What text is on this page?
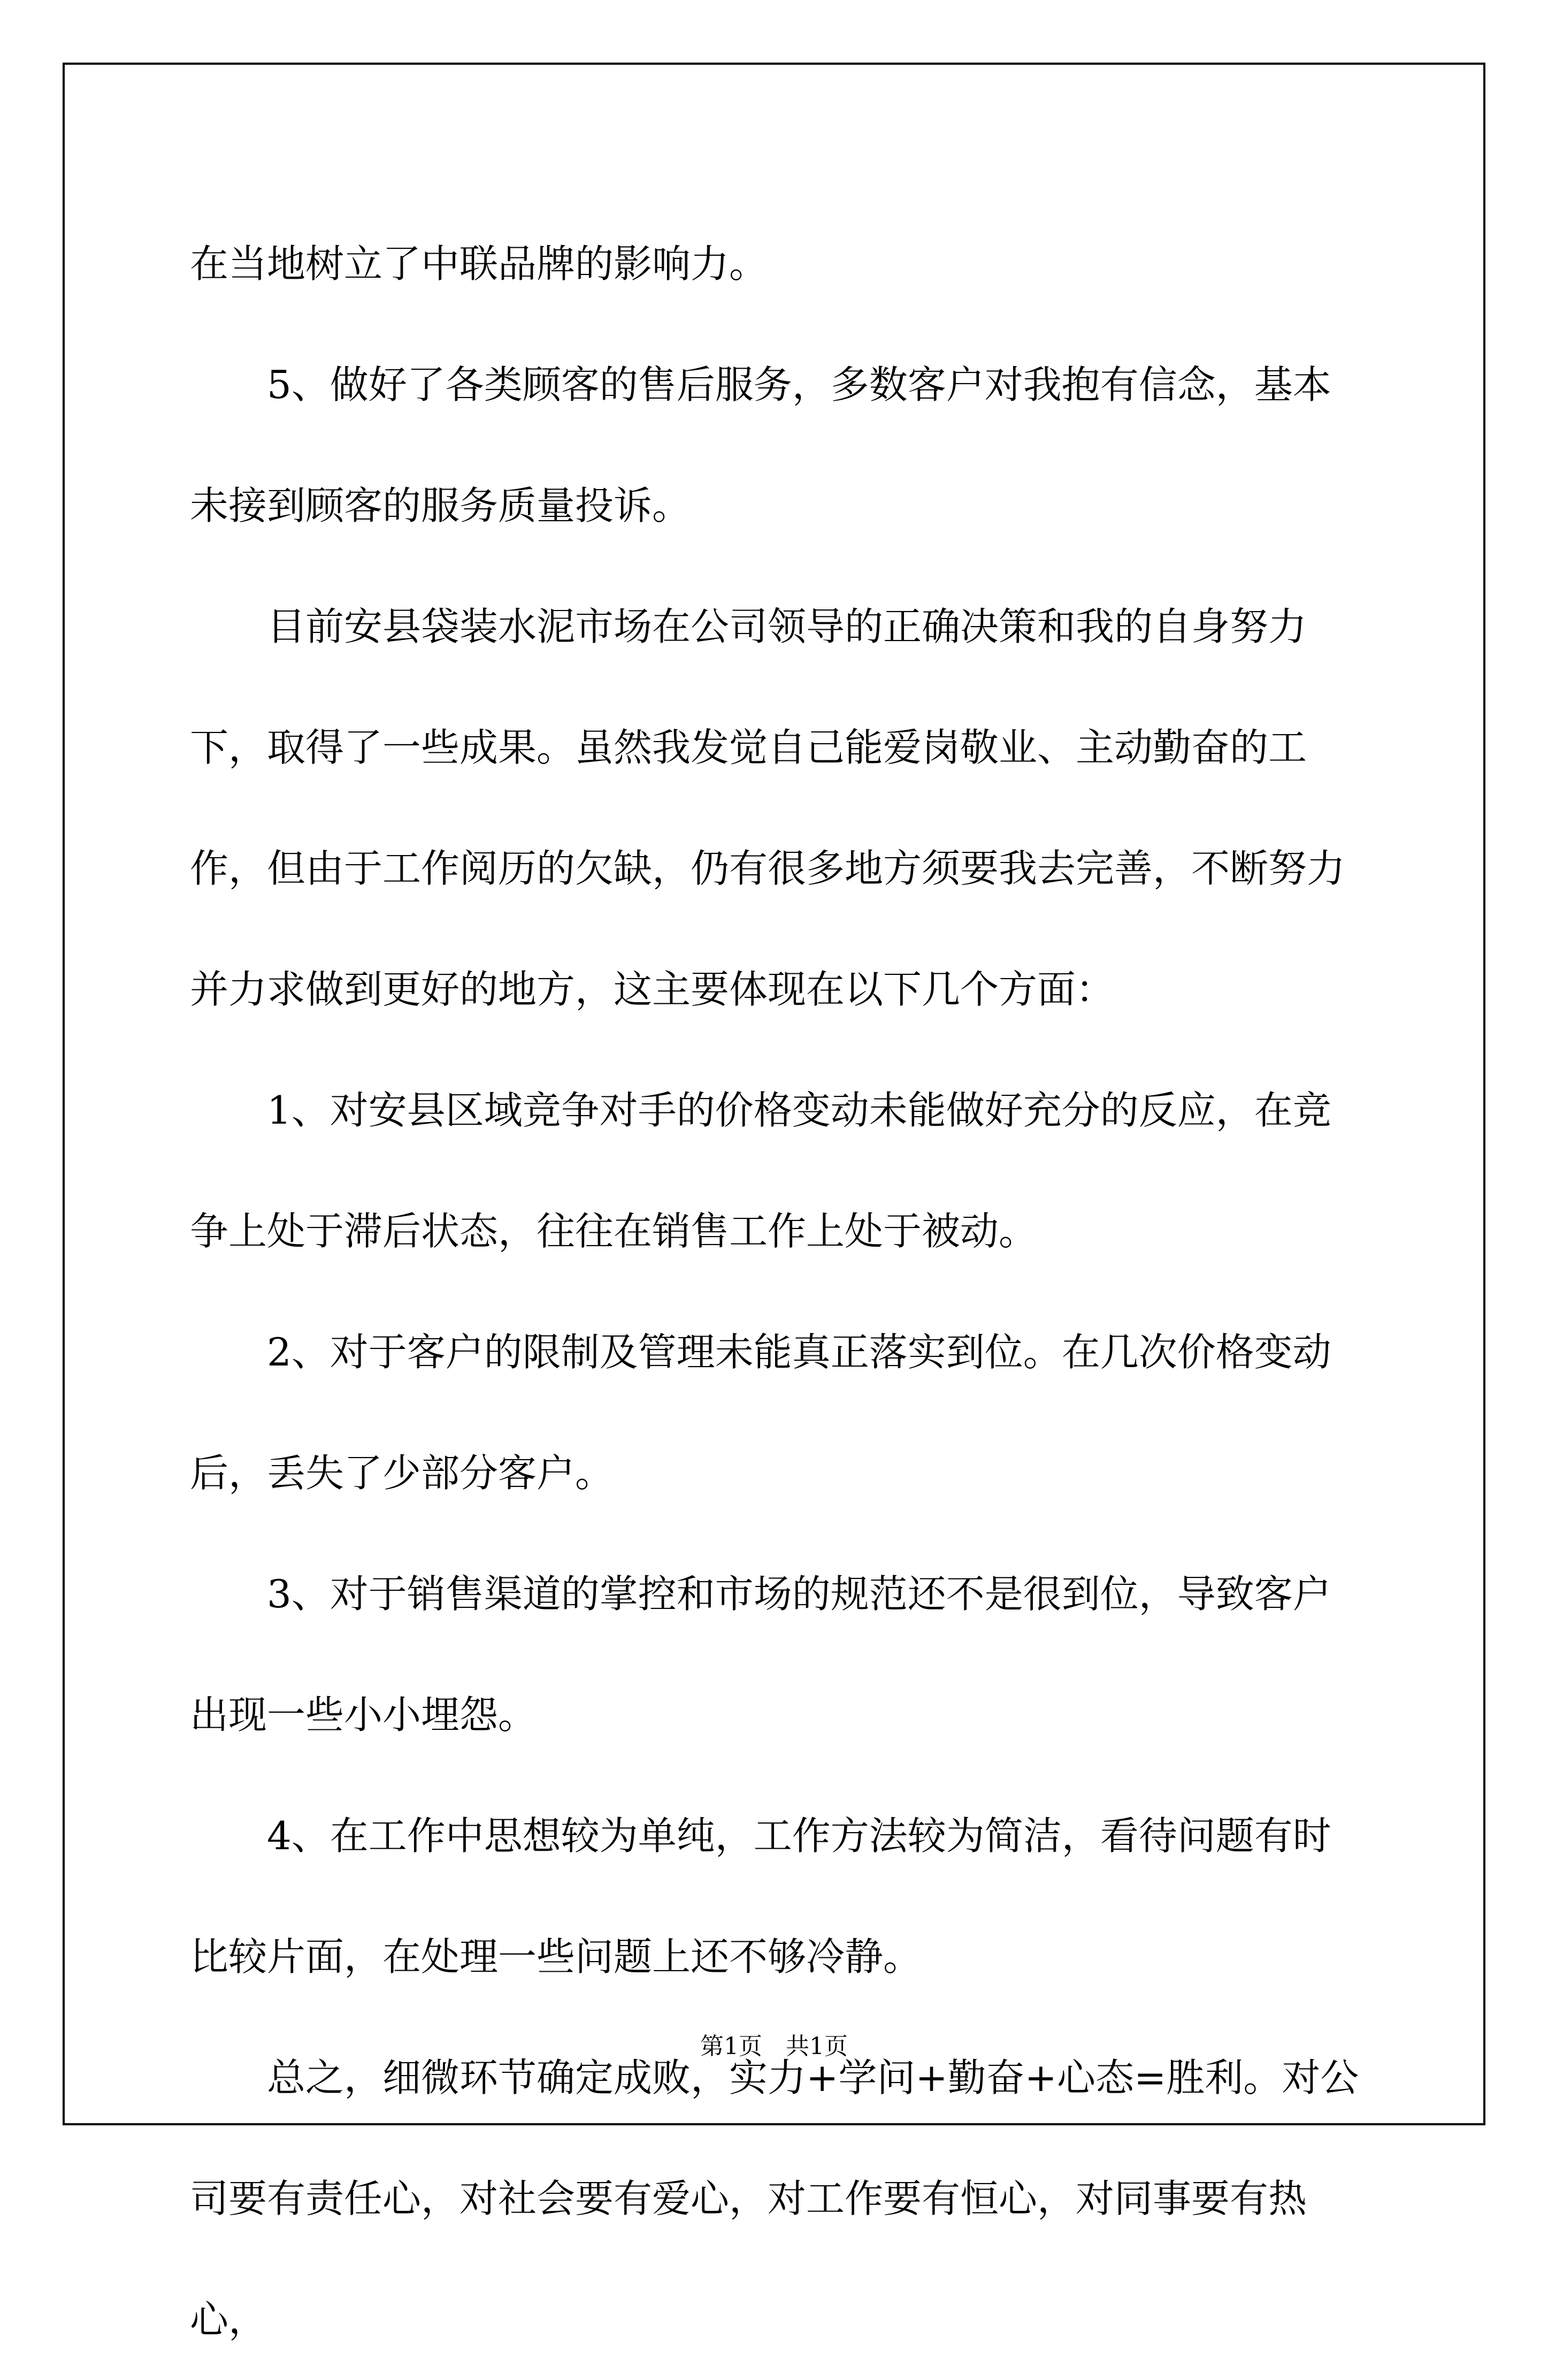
在当地树立了中联品牌的影响力。

5、做好了各类顾客的售后服务，多数客户对我抱有信念，基本未接到顾客的服务质量投诉。

目前安县袋装水泥市场在公司领导的正确决策和我的自身努力下，取得了一些成果。虽然我发觉自己能爱岗敬业、主动勤奋的工作，但由于工作阅历的欠缺，仍有很多地方须要我去完善，不断努力并力求做到更好的地方，这主要体现在以下几个方面：

1、对安县区域竞争对手的价格变动未能做好充分的反应，在竞争上处于滞后状态，往往在销售工作上处于被动。

2、对于客户的限制及管理未能真正落实到位。在几次价格变动后，丢失了少部分客户。

3、对于销售渠道的掌控和市场的规范还不是很到位，导致客户出现一些小小埋怨。

4、在工作中思想较为单纯，工作方法较为简洁，看待问题有时比较片面，在处理一些问题上还不够冷静。

总之，细微环节确定成败，实力+学问+勤奋+心态=胜利。对公司要有责任心，对社会要有爱心，对工作要有恒心，对同事要有热心，

第1页　共1页
